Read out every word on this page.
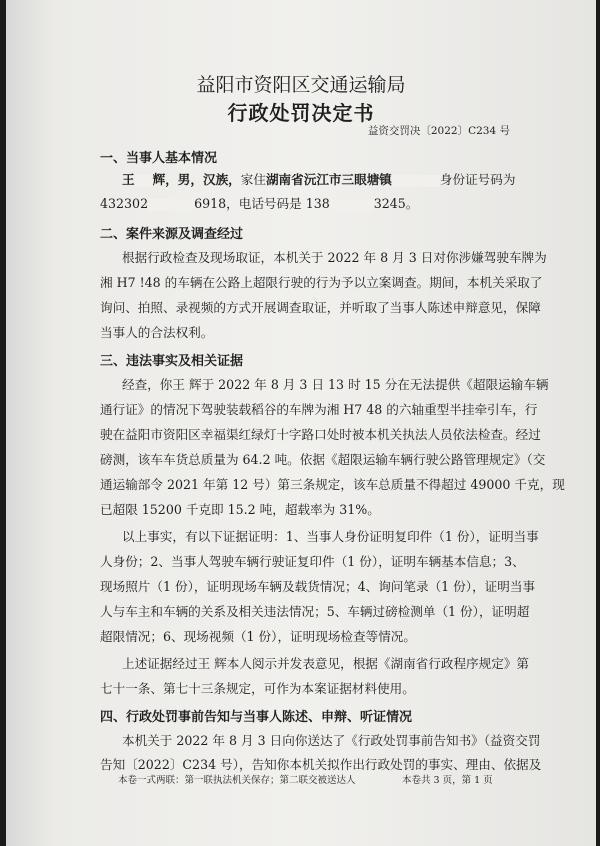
益阳市资阳区交通运输局
行政处罚决定书
益资交罚决〔2022〕C234 号
一、当事人基本情况
王 辉，男，汉族，家住湖南省沅江市三眼塘镇	身份证号码为
432302	6918，电话号码是 138	3245。
二、案件来源及调查经过
根据行政检查及现场取证，本机关于 2022 年 8 月 3 日对你涉嫌驾驶车牌为
湘 H7 !48 的车辆在公路上超限行驶的行为予以立案调查。期间，本机关采取了
询问、拍照、录视频的方式开展调查取证，并听取了当事人陈述申辩意见，保障
当事人的合法权利。
三、违法事实及相关证据
经查，你王 辉于 2022 年 8 月 3 日 13 时 15 分在无法提供《超限运输车辆
通行证》的情况下驾驶装载稻谷的车牌为湘 H7 48 的六轴重型半挂牵引车，行
驶在益阳市资阳区幸福渠红绿灯十字路口处时被本机关执法人员依法检查。经过
磅测，该车车货总质量为 64.2 吨。依据《超限运输车辆行驶公路管理规定》（交
通运输部令 2021 年第 12 号）第三条规定，该车总质量不得超过 49000 千克，现
已超限 15200 千克即 15.2 吨，超载率为 31%。
以上事实，有以下证据证明：1、当事人身份证明复印件（1 份），证明当事
人身份；2、当事人驾驶车辆行驶证复印件（1 份），证明车辆基本信息；3、
现场照片（1 份），证明现场车辆及载货情况；4、询问笔录（1 份），证明当事
人与车主和车辆的关系及相关违法情况；5、车辆过磅检测单（1 份），证明超
超限情况；6、现场视频（1 份），证明现场检查等情况。
上述证据经过王 辉本人阅示并发表意见，根据《湖南省行政程序规定》第
七十一条、第七十三条规定，可作为本案证据材料使用。
四、行政处罚事前告知与当事人陈述、申辩、听证情况
本机关于 2022 年 8 月 3 日向你送达了《行政处罚事前告知书》（益资交罚
告知〔2022〕C234 号），告知你本机关拟作出行政处罚的事实、理由、依据及
本卷一式两联：第一联执法机关保存；第二联交被送达人	本卷共 3 页，第 1 页
